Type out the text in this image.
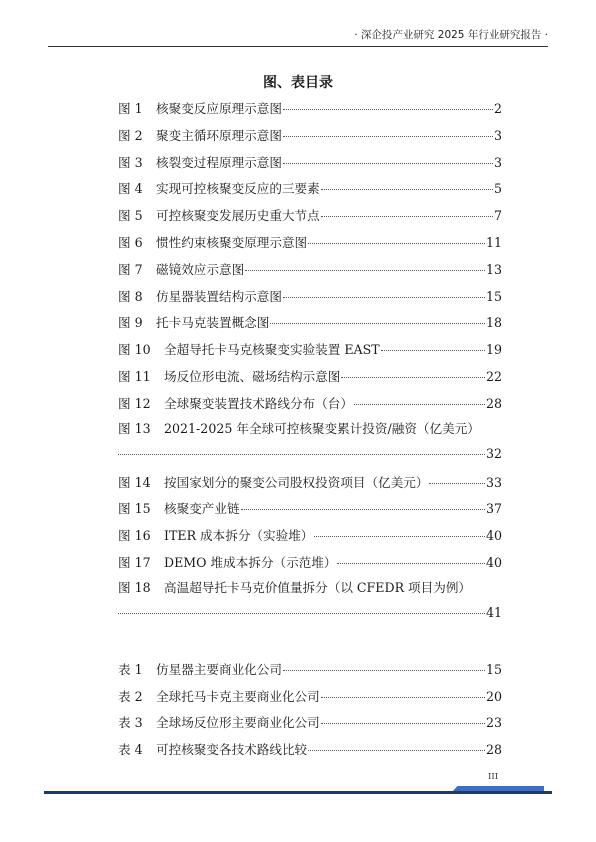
· 深企投产业研究 2025 年行业研究报告 ·
图、表目录
图 1	核聚变反应原理示意图	2
图 2	聚变主循环原理示意图	3
图 3	核裂变过程原理示意图	3
图 4	实现可控核聚变反应的三要素	5
图 5	可控核聚变发展历史重大节点	7
图 6	惯性约束核聚变原理示意图	11
图 7	磁镜效应示意图	13
图 8	仿星器装置结构示意图	15
图 9	托卡马克装置概念图	18
图 10	全超导托卡马克核聚变实验装置 EAST	19
图 11	场反位形电流、磁场结构示意图	22
图 12	全球聚变装置技术路线分布（台）	28
图 13	2021-2025 年全球可控核聚变累计投资/融资（亿美元）
32
图 14	按国家划分的聚变公司股权投资项目（亿美元）	33
图 15	核聚变产业链	37
图 16	ITER 成本拆分（实验堆）	40
图 17	DEMO 堆成本拆分（示范堆）	40
图 18	高温超导托卡马克价值量拆分（以 CFEDR 项目为例）
41
表 1	仿星器主要商业化公司	15
表 2	全球托马卡克主要商业化公司	20
表 3	全球场反位形主要商业化公司	23
表 4	可控核聚变各技术路线比较	28
III
